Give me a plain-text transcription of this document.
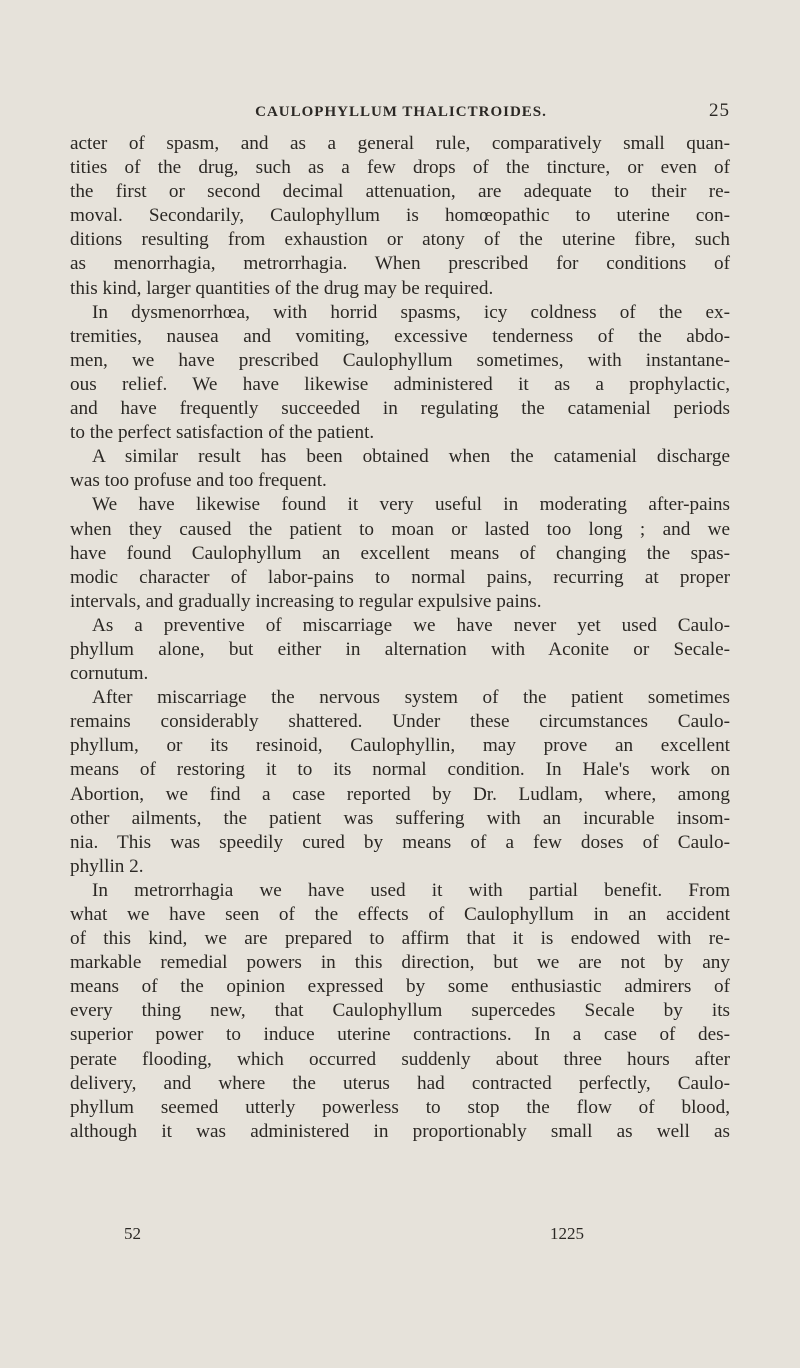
CAULOPHYLLUM THALICTROIDES.	25
acter of spasm, and as a general rule, comparatively small quan-
tities of the drug, such as a few drops of the tincture, or even of
the first or second decimal attenuation, are adequate to their re-
moval. Secondarily, Caulophyllum is homœopathic to uterine con-
ditions resulting from exhaustion or atony of the uterine fibre, such
as menorrhagia, metrorrhagia. When prescribed for conditions of
this kind, larger quantities of the drug may be required.
In dysmenorrhœa, with horrid spasms, icy coldness of the ex-
tremities, nausea and vomiting, excessive tenderness of the abdo-
men, we have prescribed Caulophyllum sometimes, with instantane-
ous relief. We have likewise administered it as a prophylactic,
and have frequently succeeded in regulating the catamenial periods
to the perfect satisfaction of the patient.
A similar result has been obtained when the catamenial discharge
was too profuse and too frequent.
We have likewise found it very useful in moderating after-pains
when they caused the patient to moan or lasted too long ; and we
have found Caulophyllum an excellent means of changing the spas-
modic character of labor-pains to normal pains, recurring at proper
intervals, and gradually increasing to regular expulsive pains.
As a preventive of miscarriage we have never yet used Caulo-
phyllum alone, but either in alternation with Aconite or Secale-
cornutum.
After miscarriage the nervous system of the patient sometimes
remains considerably shattered. Under these circumstances Caulo-
phyllum, or its resinoid, Caulophyllin, may prove an excellent
means of restoring it to its normal condition. In Hale's work on
Abortion, we find a case reported by Dr. Ludlam, where, among
other ailments, the patient was suffering with an incurable insom-
nia. This was speedily cured by means of a few doses of Caulo-
phyllin 2.
In metrorrhagia we have used it with partial benefit. From
what we have seen of the effects of Caulophyllum in an accident
of this kind, we are prepared to affirm that it is endowed with re-
markable remedial powers in this direction, but we are not by any
means of the opinion expressed by some enthusiastic admirers of
every thing new, that Caulophyllum supercedes Secale by its
superior power to induce uterine contractions. In a case of des-
perate flooding, which occurred suddenly about three hours after
delivery, and where the uterus had contracted perfectly, Caulo-
phyllum seemed utterly powerless to stop the flow of blood,
although it was administered in proportionably small as well as
52	1225
